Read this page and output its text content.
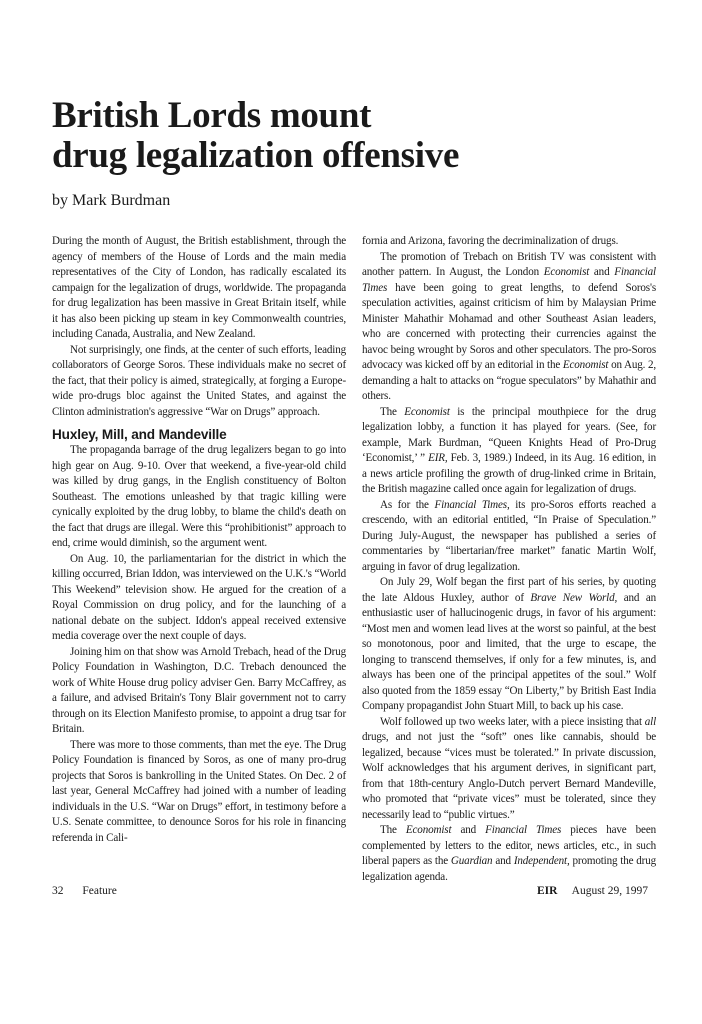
British Lords mount
drug legalization offensive
by Mark Burdman

During the month of August, the British establishment, through the agency of members of the House of Lords and the main media representatives of the City of London, has radically escalated its campaign for the legalization of drugs, worldwide. The propaganda for drug legalization has been massive in Great Britain itself, while it has also been picking up steam in key Commonwealth countries, including Canada, Australia, and New Zealand.

Not surprisingly, one finds, at the center of such efforts, leading collaborators of George Soros. These individuals make no secret of the fact, that their policy is aimed, strategically, at forging a Europe-wide pro-drugs bloc against the United States, and against the Clinton administration's aggressive “War on Drugs” approach.

Huxley, Mill, and Mandeville

The propaganda barrage of the drug legalizers began to go into high gear on Aug. 9-10. Over that weekend, a five-year-old child was killed by drug gangs, in the English constituency of Bolton Southeast. The emotions unleashed by that tragic killing were cynically exploited by the drug lobby, to blame the child's death on the fact that drugs are illegal. Were this “prohibitionist” approach to end, crime would diminish, so the argument went.

On Aug. 10, the parliamentarian for the district in which the killing occurred, Brian Iddon, was interviewed on the U.K.'s “World This Weekend” television show. He argued for the creation of a Royal Commission on drug policy, and for the launching of a national debate on the subject. Iddon's appeal received extensive media coverage over the next couple of days.

Joining him on that show was Arnold Trebach, head of the Drug Policy Foundation in Washington, D.C. Trebach denounced the work of White House drug policy adviser Gen. Barry McCaffrey, as a failure, and advised Britain's Tony Blair government not to carry through on its Election Manifesto promise, to appoint a drug tsar for Britain.

There was more to those comments, than met the eye. The Drug Policy Foundation is financed by Soros, as one of many pro-drug projects that Soros is bankrolling in the United States. On Dec. 2 of last year, General McCaffrey had joined with a number of leading individuals in the U.S. “War on Drugs” effort, in testimony before a U.S. Senate committee, to denounce Soros for his role in financing referenda in Cali-

fornia and Arizona, favoring the decriminalization of drugs.

The promotion of Trebach on British TV was consistent with another pattern. In August, the London Economist and Financial Times have been going to great lengths, to defend Soros's speculation activities, against criticism of him by Malaysian Prime Minister Mahathir Mohamad and other Southeast Asian leaders, who are concerned with protecting their currencies against the havoc being wrought by Soros and other speculators. The pro-Soros advocacy was kicked off by an editorial in the Economist on Aug. 2, demanding a halt to attacks on “rogue speculators” by Mahathir and others.

The Economist is the principal mouthpiece for the drug legalization lobby, a function it has played for years. (See, for example, Mark Burdman, “Queen Knights Head of Pro-Drug ‘Economist,’ ” EIR, Feb. 3, 1989.) Indeed, in its Aug. 16 edition, in a news article profiling the growth of drug-linked crime in Britain, the British magazine called once again for legalization of drugs.

As for the Financial Times, its pro-Soros efforts reached a crescendo, with an editorial entitled, “In Praise of Speculation.” During July-August, the newspaper has published a series of commentaries by “libertarian/free market” fanatic Martin Wolf, arguing in favor of drug legalization.

On July 29, Wolf began the first part of his series, by quoting the late Aldous Huxley, author of Brave New World, and an enthusiastic user of hallucinogenic drugs, in favor of his argument: “Most men and women lead lives at the worst so painful, at the best so monotonous, poor and limited, that the urge to escape, the longing to transcend themselves, if only for a few minutes, is, and always has been one of the principal appetites of the soul.” Wolf also quoted from the 1859 essay “On Liberty,” by British East India Company propagandist John Stuart Mill, to back up his case.

Wolf followed up two weeks later, with a piece insisting that all drugs, and not just the “soft” ones like cannabis, should be legalized, because “vices must be tolerated.” In private discussion, Wolf acknowledges that his argument derives, in significant part, from that 18th-century Anglo-Dutch pervert Bernard Mandeville, who promoted that “private vices” must be tolerated, since they necessarily lead to “public virtues.”

The Economist and Financial Times pieces have been complemented by letters to the editor, news articles, etc., in such liberal papers as the Guardian and Independent, promoting the drug legalization agenda.

32 Feature	EIR August 29, 1997
